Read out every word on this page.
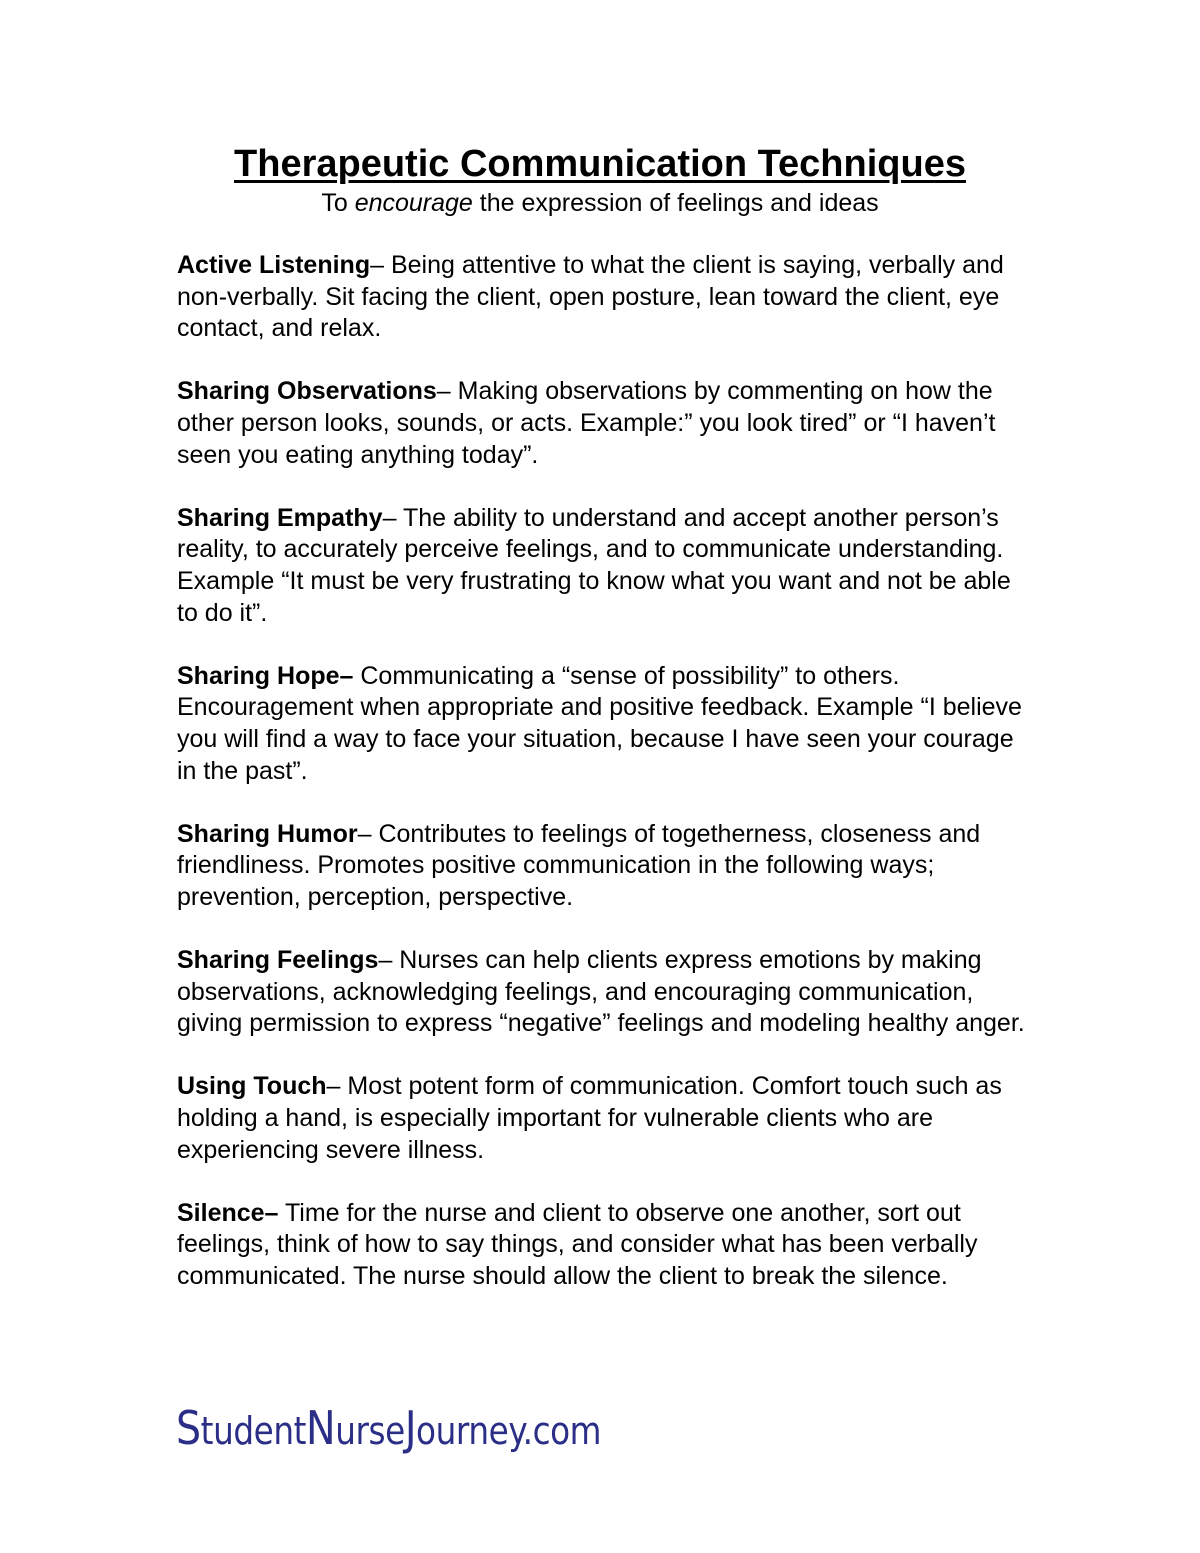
Therapeutic Communication Techniques

To encourage the expression of feelings and ideas

Active Listening– Being attentive to what the client is saying, verbally and non-verbally. Sit facing the client, open posture, lean toward the client, eye contact, and relax.

Sharing Observations– Making observations by commenting on how the other person looks, sounds, or acts. Example:” you look tired” or “I haven’t seen you eating anything today”.

Sharing Empathy– The ability to understand and accept another person’s reality, to accurately perceive feelings, and to communicate understanding. Example “It must be very frustrating to know what you want and not be able to do it”.

Sharing Hope– Communicating a “sense of possibility” to others. Encouragement when appropriate and positive feedback. Example “I believe you will find a way to face your situation, because I have seen your courage in the past”.

Sharing Humor– Contributes to feelings of togetherness, closeness and friendliness. Promotes positive communication in the following ways; prevention, perception, perspective.

Sharing Feelings– Nurses can help clients express emotions by making observations, acknowledging feelings, and encouraging communication, giving permission to express “negative” feelings and modeling healthy anger.

Using Touch– Most potent form of communication. Comfort touch such as holding a hand, is especially important for vulnerable clients who are experiencing severe illness.

Silence– Time for the nurse and client to observe one another, sort out feelings, think of how to say things, and consider what has been verbally communicated. The nurse should allow the client to break the silence.

StudentNurseJourney.com
